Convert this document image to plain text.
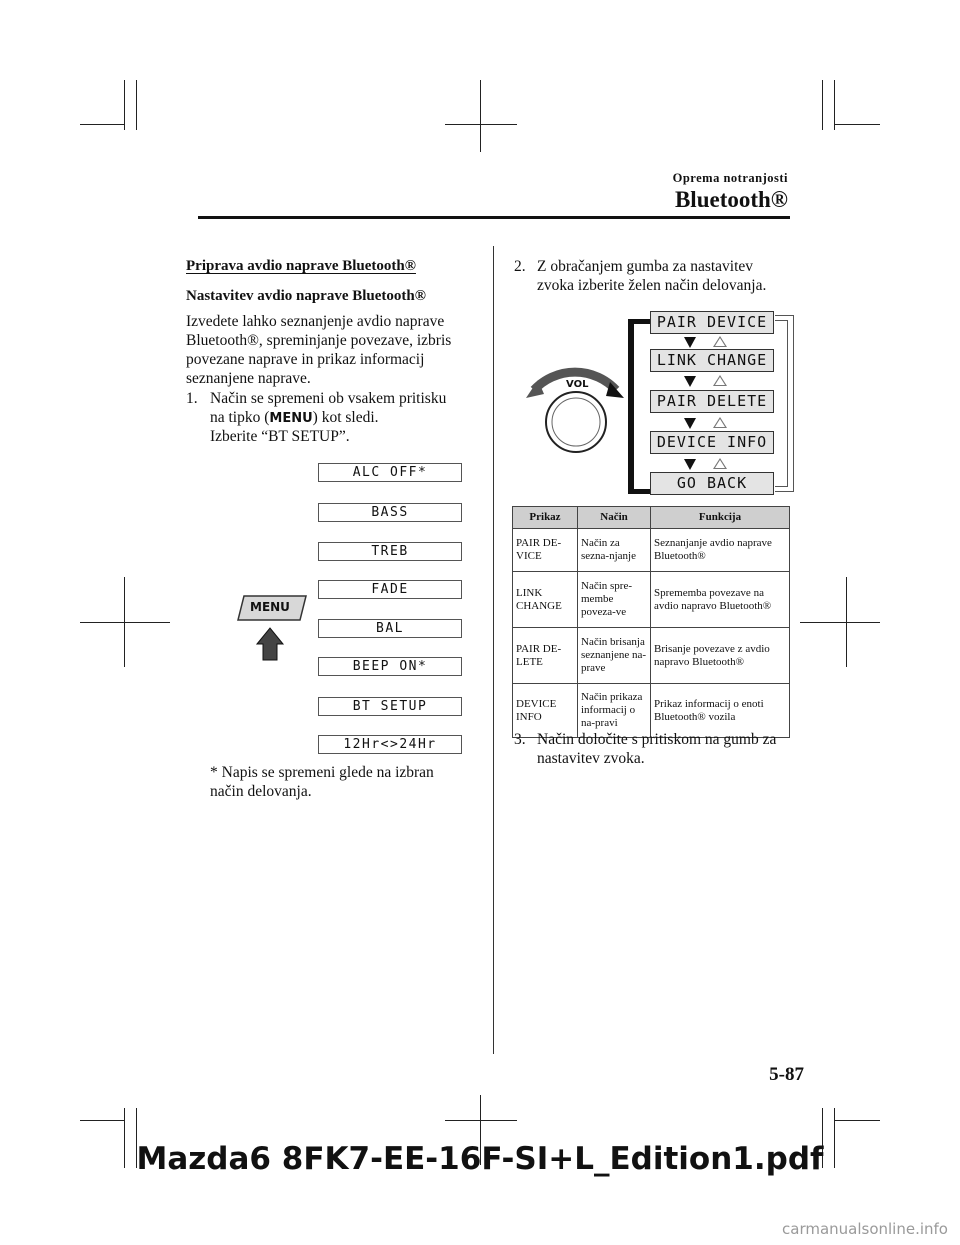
Oprema notranjosti
Bluetooth®
Priprava avdio naprave Bluetooth®
Nastavitev avdio naprave Bluetooth®

Izvedete lahko seznanjenje avdio naprave Bluetooth®, spreminjanje povezave, izbris povezane naprave in prikaz informacij seznanjene naprave.

1. Način se spremeni ob vsakem pritisku
na tipko (MENU) kot sledi.
Izberite “BT SETUP”.
ALC OFF*
BASS
TREB
FADE
BAL
BEEP ON*
BT SETUP
12Hr<>24Hr
MENU

* Napis se spremeni glede na izbran način delovanja.

2. Z obračanjem gumba za nastavitev
zvoka izberite želen način delovanja.
VOL
PAIR DEVICE
LINK CHANGE
PAIR DELETE
DEVICE INFO
GO BACK
Prikaz	Način	Funkcija
PAIR DE-VICE	Način za sezna-njanje	Seznanjanje avdio naprave Bluetooth®
LINK CHANGE	Način spre-membe poveza-ve	Sprememba povezave na avdio napravo Bluetooth®
PAIR DE-LETE	Način brisanja seznanjene na-prave	Brisanje povezave z avdio napravo Bluetooth®
DEVICE INFO	Način prikaza informacij o na-pravi	Prikaz informacij o enoti Bluetooth® vozila
3. Način določite s pritiskom na gumb za
nastavitev zvoka.
5-87
Mazda6 8FK7-EE-16F-SI+L_Edition1.pdf
carmanualsonline.info
